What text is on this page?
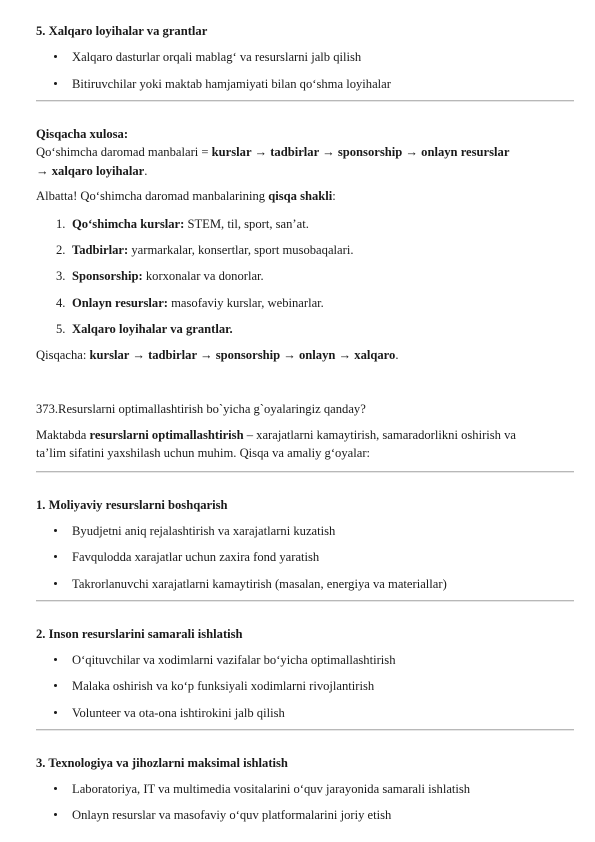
5. Xalqaro loyihalar va grantlar
Xalqaro dasturlar orqali mablag‘ va resurslarni jalb qilish
Bitiruvchilar yoki maktab hamjamiyati bilan qo‘shma loyihalar
Qisqacha xulosa:
Qo‘shimcha daromad manbalari = kurslar → tadbirlar → sponsorship → onlayn resurslar
→ xalqaro loyihalar.
Albatta! Qo‘shimcha daromad manbalarining qisqa shakli:
1. Qo‘shimcha kurslar: STEM, til, sport, san’at.
2. Tadbirlar: yarmarkalar, konsertlar, sport musobaqalari.
3. Sponsorship: korxonalar va donorlar.
4. Onlayn resurslar: masofaviy kurslar, webinarlar.
5. Xalqaro loyihalar va grantlar.
Qisqacha: kurslar → tadbirlar → sponsorship → onlayn → xalqaro.
373.Resurslarni optimallashtirish bo`yicha g`oyalaringiz qanday?
Maktabda resurslarni optimallashtirish – xarajatlarni kamaytirish, samaradorlikni oshirish va
ta’lim sifatini yaxshilash uchun muhim. Qisqa va amaliy g‘oyalar:
1. Moliyaviy resurslarni boshqarish
Byudjetni aniq rejalashtirish va xarajatlarni kuzatish
Favqulodda xarajatlar uchun zaxira fond yaratish
Takrorlanuvchi xarajatlarni kamaytirish (masalan, energiya va materiallar)
2. Inson resurslarini samarali ishlatish
O‘qituvchilar va xodimlarni vazifalar bo‘yicha optimallashtirish
Malaka oshirish va ko‘p funksiyali xodimlarni rivojlantirish
Volunteer va ota-ona ishtirokini jalb qilish
3. Texnologiya va jihozlarni maksimal ishlatish
Laboratoriya, IT va multimedia vositalarini o‘quv jarayonida samarali ishlatish
Onlayn resurslar va masofaviy o‘quv platformalarini joriy etish
